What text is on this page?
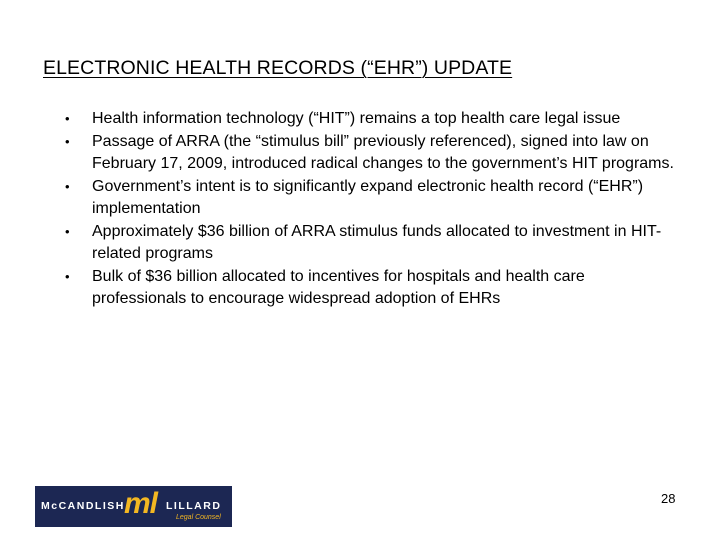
ELECTRONIC HEALTH RECORDS (“EHR”) UPDATE
• Health information technology (“HIT”) remains a top health care legal issue
• Passage of ARRA (the “stimulus bill” previously referenced), signed into law on February 17, 2009, introduced radical changes to the government’s HIT programs.
• Government’s intent is to significantly expand electronic health record (“EHR”) implementation
• Approximately $36 billion of ARRA stimulus funds allocated to investment in HIT-related programs
• Bulk of $36 billion allocated to incentives for hospitals and health care professionals to encourage widespread adoption of EHRs
McCANDLISH ml LILLARD
Legal Counsel
28
